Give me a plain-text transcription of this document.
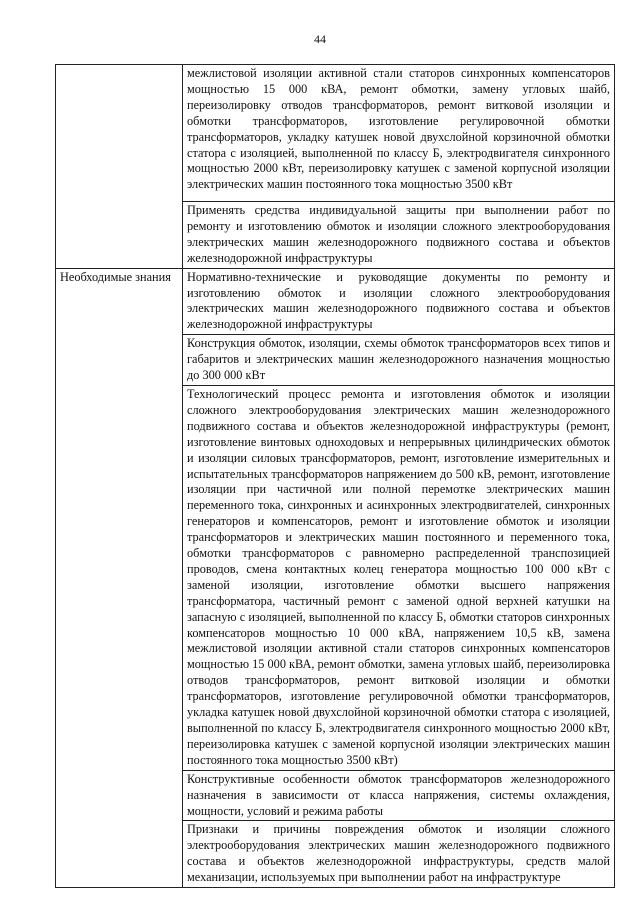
44
	межлистовой изоляции активной стали статоров синхронных компенсаторов мощностью 15 000 кВА, ремонт обмотки, замену угловых шайб, переизолировку отводов трансформаторов, ремонт витковой изоляции и обмотки трансформаторов, изготовление регулировочной обмотки трансформаторов, укладку катушек новой двухслойной корзиночной обмотки статора с изоляцией, выполненной по классу Б, электродвигателя синхронного мощностью 2000 кВт, переизолировку катушек с заменой корпусной изоляции электрических машин постоянного тока мощностью 3500 кВт
	Применять средства индивидуальной защиты при выполнении работ по ремонту и изготовлению обмоток и изоляции сложного электрооборудования электрических машин железнодорожного подвижного состава и объектов железнодорожной инфраструктуры
Необходимые знания	Нормативно-технические и руководящие документы по ремонту и изготовлению обмоток и изоляции сложного электрооборудования электрических машин железнодорожного подвижного состава и объектов железнодорожной инфраструктуры
	Конструкция обмоток, изоляции, схемы обмоток трансформаторов всех типов и габаритов и электрических машин железнодорожного назначения мощностью до 300 000 кВт
	Технологический процесс ремонта и изготовления обмоток и изоляции сложного электрооборудования электрических машин железнодорожного подвижного состава и объектов железнодорожной инфраструктуры (ремонт, изготовление винтовых одноходовых и непрерывных цилиндрических обмоток и изоляции силовых трансформаторов, ремонт, изготовление измерительных и испытательных трансформаторов напряжением до 500 кВ, ремонт, изготовление изоляции при частичной или полной перемотке электрических машин переменного тока, синхронных и асинхронных электродвигателей, синхронных генераторов и компенсаторов, ремонт и изготовление обмоток и изоляции трансформаторов и электрических машин постоянного и переменного тока, обмотки трансформаторов с равномерно распределенной транспозицией проводов, смена контактных колец генератора мощностью 100 000 кВт с заменой изоляции, изготовление обмотки высшего напряжения трансформатора, частичный ремонт с заменой одной верхней катушки на запасную с изоляцией, выполненной по классу Б, обмотки статоров синхронных компенсаторов мощностью 10 000 кВА, напряжением 10,5 кВ, замена межлистовой изоляции активной стали статоров синхронных компенсаторов мощностью 15 000 кВА, ремонт обмотки, замена угловых шайб, переизолировка отводов трансформаторов, ремонт витковой изоляции и обмотки трансформаторов, изготовление регулировочной обмотки трансформаторов, укладка катушек новой двухслойной корзиночной обмотки статора с изоляцией, выполненной по классу Б, электродвигателя синхронного мощностью 2000 кВт, переизолировка катушек с заменой корпусной изоляции электрических машин постоянного тока мощностью 3500 кВт)
	Конструктивные особенности обмоток трансформаторов железнодорожного назначения в зависимости от класса напряжения, системы охлаждения, мощности, условий и режима работы
	Признаки и причины повреждения обмоток и изоляции сложного электрооборудования электрических машин железнодорожного подвижного состава и объектов железнодорожной инфраструктуры, средств малой механизации, используемых при выполнении работ на инфраструктуре
